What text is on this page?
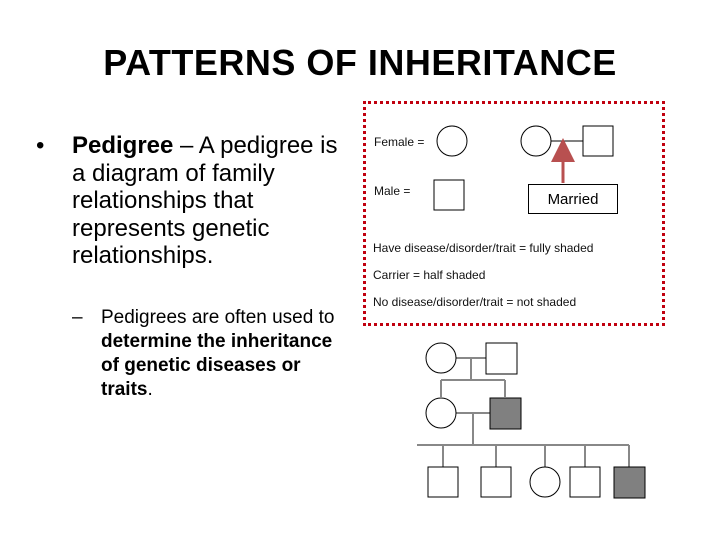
PATTERNS OF INHERITANCE
•	Pedigree – A pedigree is a diagram of family relationships that represents genetic relationships.
– Pedigrees are often used to determine the inheritance of genetic diseases or traits.
Female =
Male =
Have disease/disorder/trait = fully shaded
Carrier = half shaded
No disease/disorder/trait = not shaded
Married
